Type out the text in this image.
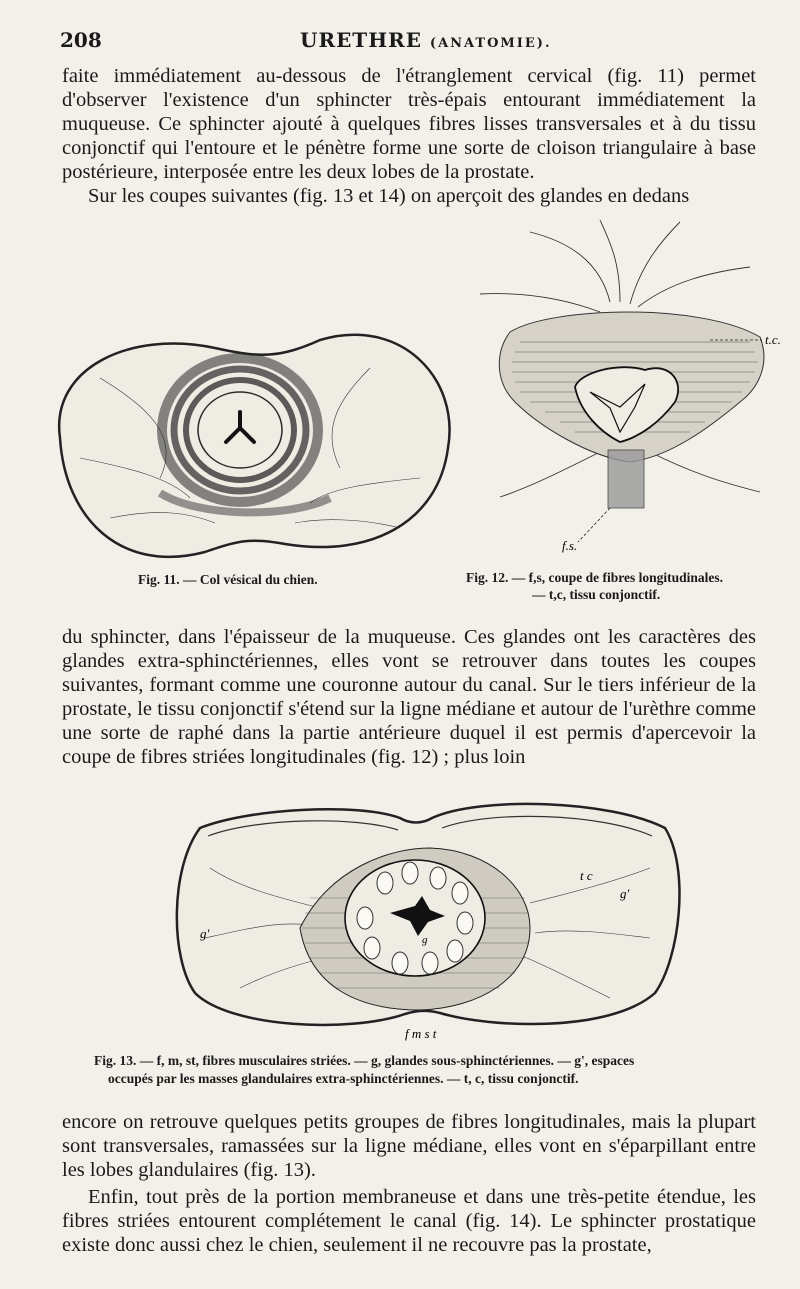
208	URETHRE (ANATOMIE).

faite immédiatement au-dessous de l'étranglement cervical (fig. 11) permet d'observer l'existence d'un sphincter très-épais entourant immédiatement la muqueuse. Ce sphincter ajouté à quelques fibres lisses transversales et à du tissu conjonctif qui l'entoure et le pénètre forme une sorte de cloison triangulaire à base postérieure, interposée entre les deux lobes de la prostate.

Sur les coupes suivantes (fig. 13 et 14) on aperçoit des glandes en dedans

Fig. 11. — Col vésical du chien.
t.c.
f.s.
Fig. 12. — f,s, coupe de fibres longitudinales.
— t,c, tissu conjonctif.

du sphincter, dans l'épaisseur de la muqueuse. Ces glandes ont les caractères des glandes extra-sphinctériennes, elles vont se retrouver dans toutes les coupes suivantes, formant comme une couronne autour du canal. Sur le tiers inférieur de la prostate, le tissu conjonctif s'étend sur la ligne médiane et autour de l'urèthre comme une sorte de raphé dans la partie antérieure duquel il est permis d'apercevoir la coupe de fibres striées longitudinales (fig. 12) ; plus loin

t c
g'
g'	g
f m s t
Fig. 13. — f, m, st, fibres musculaires striées. — g, glandes sous-sphinctériennes. — g', espaces
occupés par les masses glandulaires extra-sphinctériennes. — t, c, tissu conjonctif.

encore on retrouve quelques petits groupes de fibres longitudinales, mais la plupart sont transversales, ramassées sur la ligne médiane, elles vont en s'éparpillant entre les lobes glandulaires (fig. 13).

Enfin, tout près de la portion membraneuse et dans une très-petite étendue, les fibres striées entourent complétement le canal (fig. 14). Le sphincter prostatique existe donc aussi chez le chien, seulement il ne recouvre pas la prostate,
